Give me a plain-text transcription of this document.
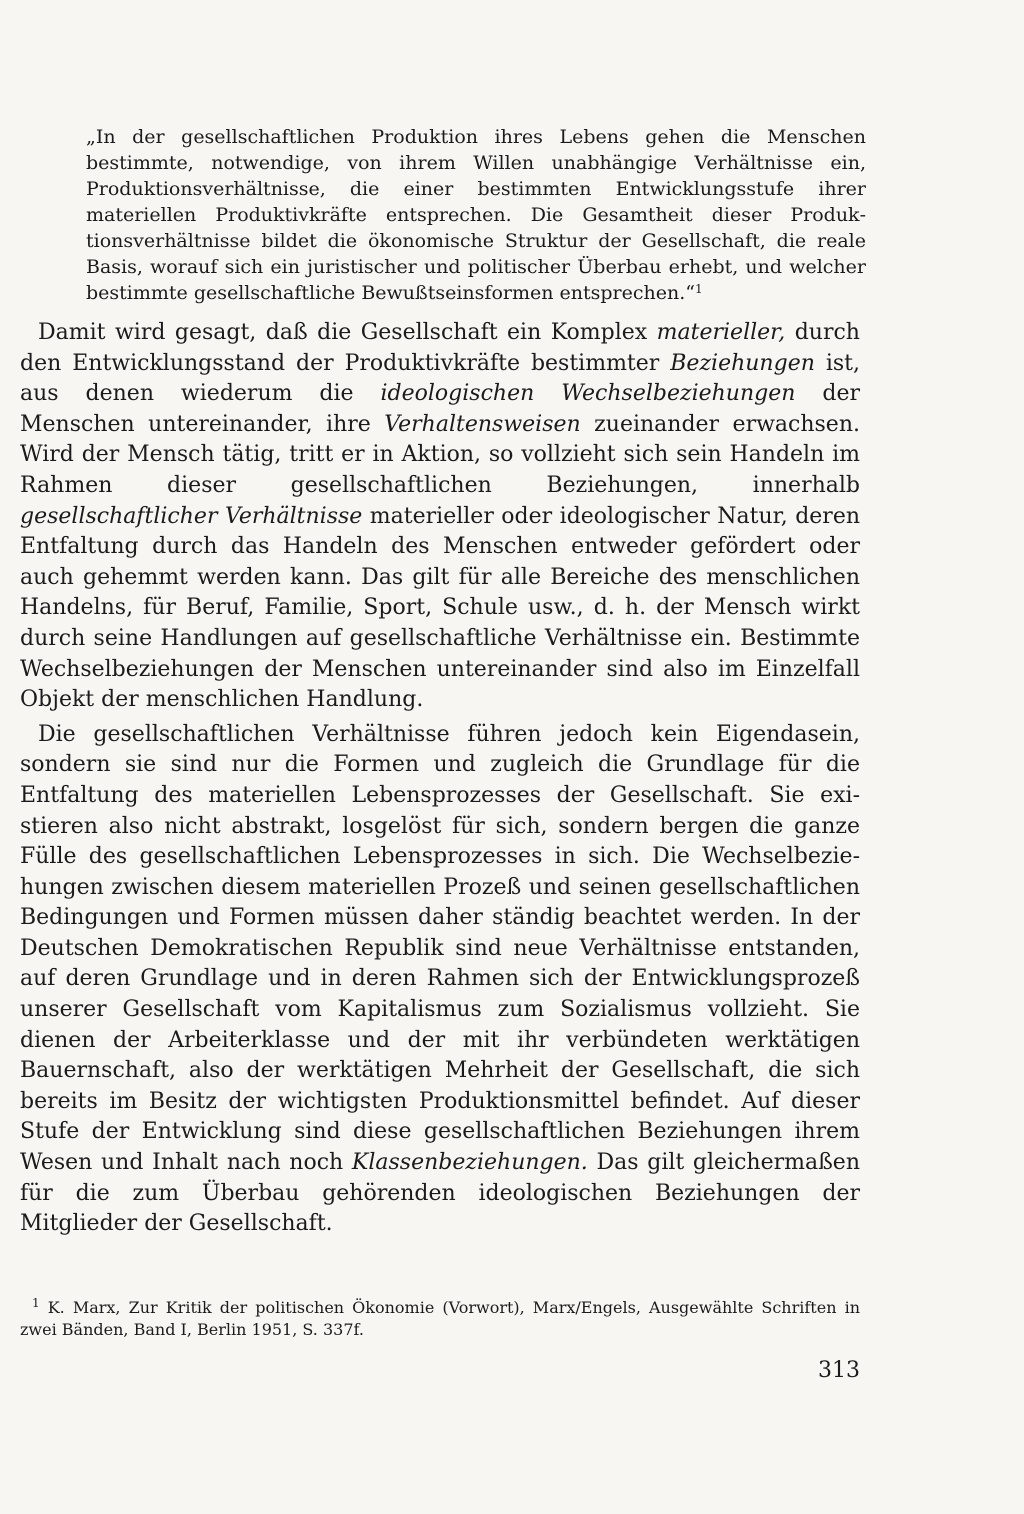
„In der gesellschaftlichen Produktion ihres Lebens gehen die Menschen bestimmte, notwendige, von ihrem Willen unabhängige Verhältnisse ein, Produktionsverhältnisse, die einer bestimmten Entwicklungsstufe ihrer materiellen Produktivkräfte entsprechen. Die Gesamtheit dieser Produktionsverhältnisse bildet die ökonomische Struktur der Gesellschaft, die reale Basis, worauf sich ein juristischer und politischer Überbau erhebt, und welcher bestimmte gesellschaftliche Bewußtseinsformen entsprechen.“$^1$

Damit wird gesagt, daß die Gesellschaft ein Komplex materieller, durch den Entwicklungsstand der Produktivkräfte bestimmter Beziehungen ist, aus denen wiederum die ideologischen Wechselbeziehungen der Menschen untereinander, ihre Verhaltensweisen zueinander erwachsen. Wird der Mensch tätig, tritt er in Aktion, so vollzieht sich sein Handeln im Rahmen dieser gesellschaftlichen Beziehungen, innerhalb gesellschaftlicher Verhältnisse materieller oder ideologischer Natur, deren Entfaltung durch das Handeln des Menschen entweder gefördert oder auch gehemmt werden kann. Das gilt für alle Bereiche des menschlichen Handelns, für Beruf, Familie, Sport, Schule usw., d. h. der Mensch wirkt durch seine Handlungen auf gesellschaftliche Verhältnisse ein. Bestimmte Wechselbeziehungen der Menschen untereinander sind also im Einzelfall Objekt der menschlichen Handlung.

Die gesellschaftlichen Verhältnisse führen jedoch kein Eigendasein, sondern sie sind nur die Formen und zugleich die Grundlage für die Entfaltung des materiellen Lebensprozesses der Gesellschaft. Sie existieren also nicht abstrakt, losgelöst für sich, sondern bergen die ganze Fülle des gesellschaftlichen Lebensprozesses in sich. Die Wechselbeziehungen zwischen diesem materiellen Prozeß und seinen gesellschaftlichen Bedingungen und Formen müssen daher ständig beachtet werden. In der Deutschen Demokratischen Republik sind neue Verhältnisse entstanden, auf deren Grundlage und in deren Rahmen sich der Entwicklungsprozeß unserer Gesellschaft vom Kapitalismus zum Sozialismus vollzieht. Sie dienen der Arbeiterklasse und der mit ihr verbündeten werktätigen Bauernschaft, also der werktätigen Mehrheit der Gesellschaft, die sich bereits im Besitz der wichtigsten Produktionsmittel befindet. Auf dieser Stufe der Entwicklung sind diese gesellschaftlichen Beziehungen ihrem Wesen und Inhalt nach noch Klassenbeziehungen. Das gilt gleichermaßen für die zum Überbau gehörenden ideologischen Beziehungen der Mitglieder der Gesellschaft.

$^1$ K. Marx, Zur Kritik der politischen Ökonomie (Vorwort), Marx/Engels, Ausgewählte Schriften in zwei Bänden, Band I, Berlin 1951, S. 337f.

313
